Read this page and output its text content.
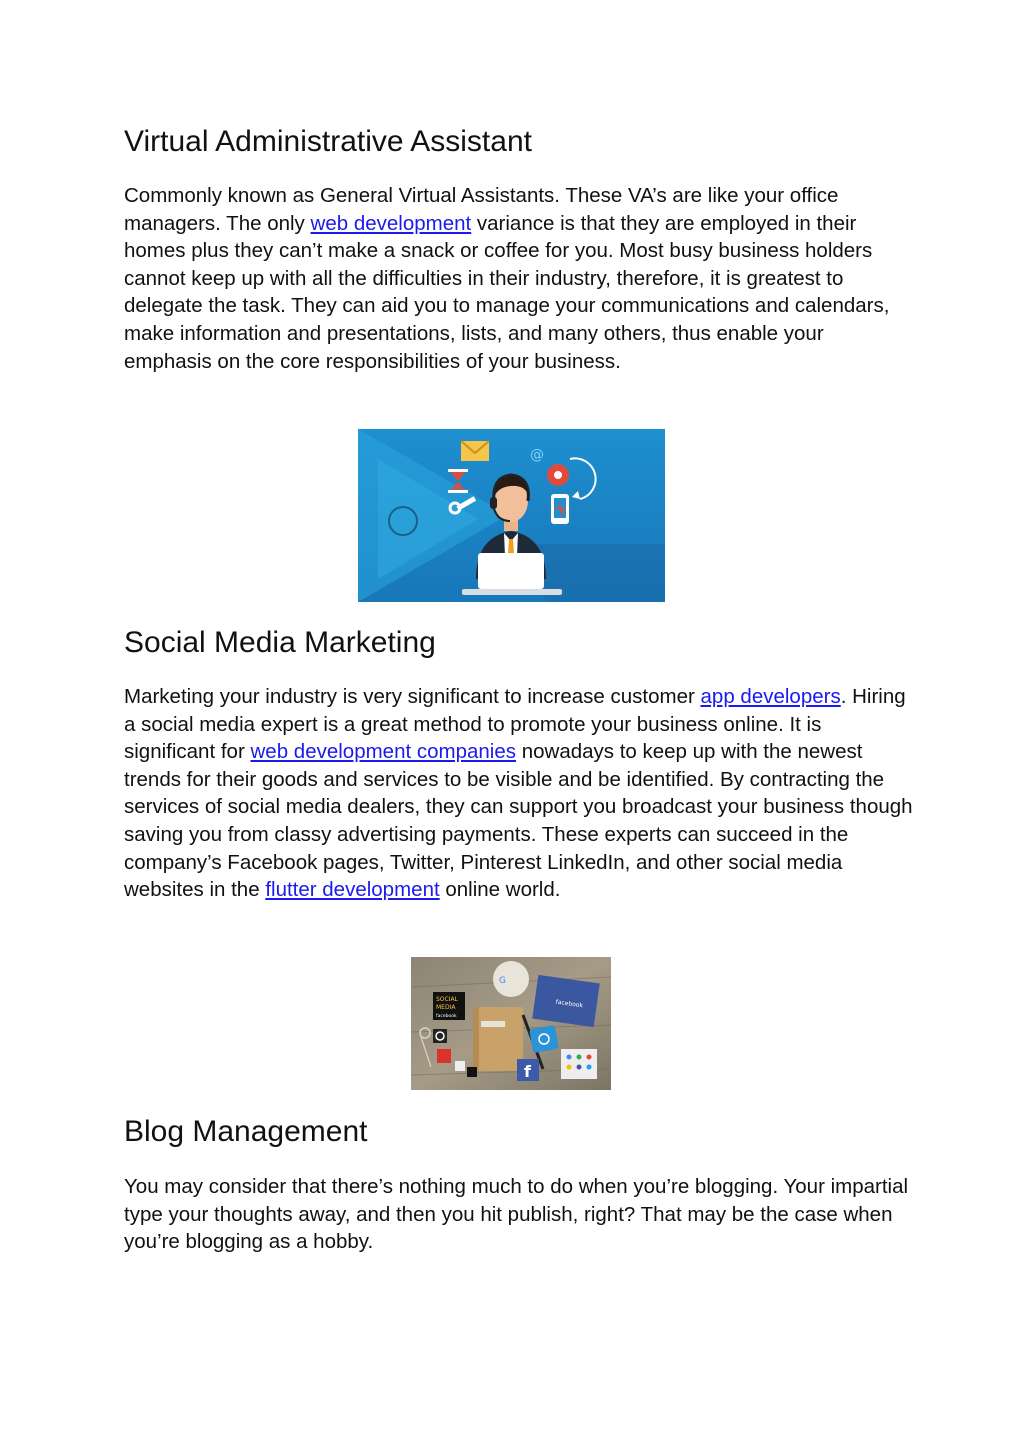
Virtual Administrative Assistant

Commonly known as General Virtual Assistants. These VA’s are like your office managers. The only web development variance is that they are employed in their homes plus they can’t make a snack or coffee for you. Most busy business holders cannot keep up with all the difficulties in their industry, therefore, it is greatest to delegate the task. They can aid you to manage your communications and calendars, make information and presentations, lists, and many others, thus enable your emphasis on the core responsibilities of your business.

@
Social Media Marketing

Marketing your industry is very significant to increase customer app developers. Hiring a social media expert is a great method to promote your business online. It is significant for web development companies nowadays to keep up with the newest trends for their goods and services to be visible and be identified. By contracting the services of social media dealers, they can support you broadcast your business though saving you from classy advertising payments. These experts can succeed in the company’s Facebook pages, Twitter, Pinterest LinkedIn, and other social media websites in the flutter development online world.

G
SOCIAL
MEDIA
facebook
facebook
f
Blog Management

You may consider that there’s nothing much to do when you’re blogging. Your impartial type your thoughts away, and then you hit publish, right? That may be the case when you’re blogging as a hobby.
